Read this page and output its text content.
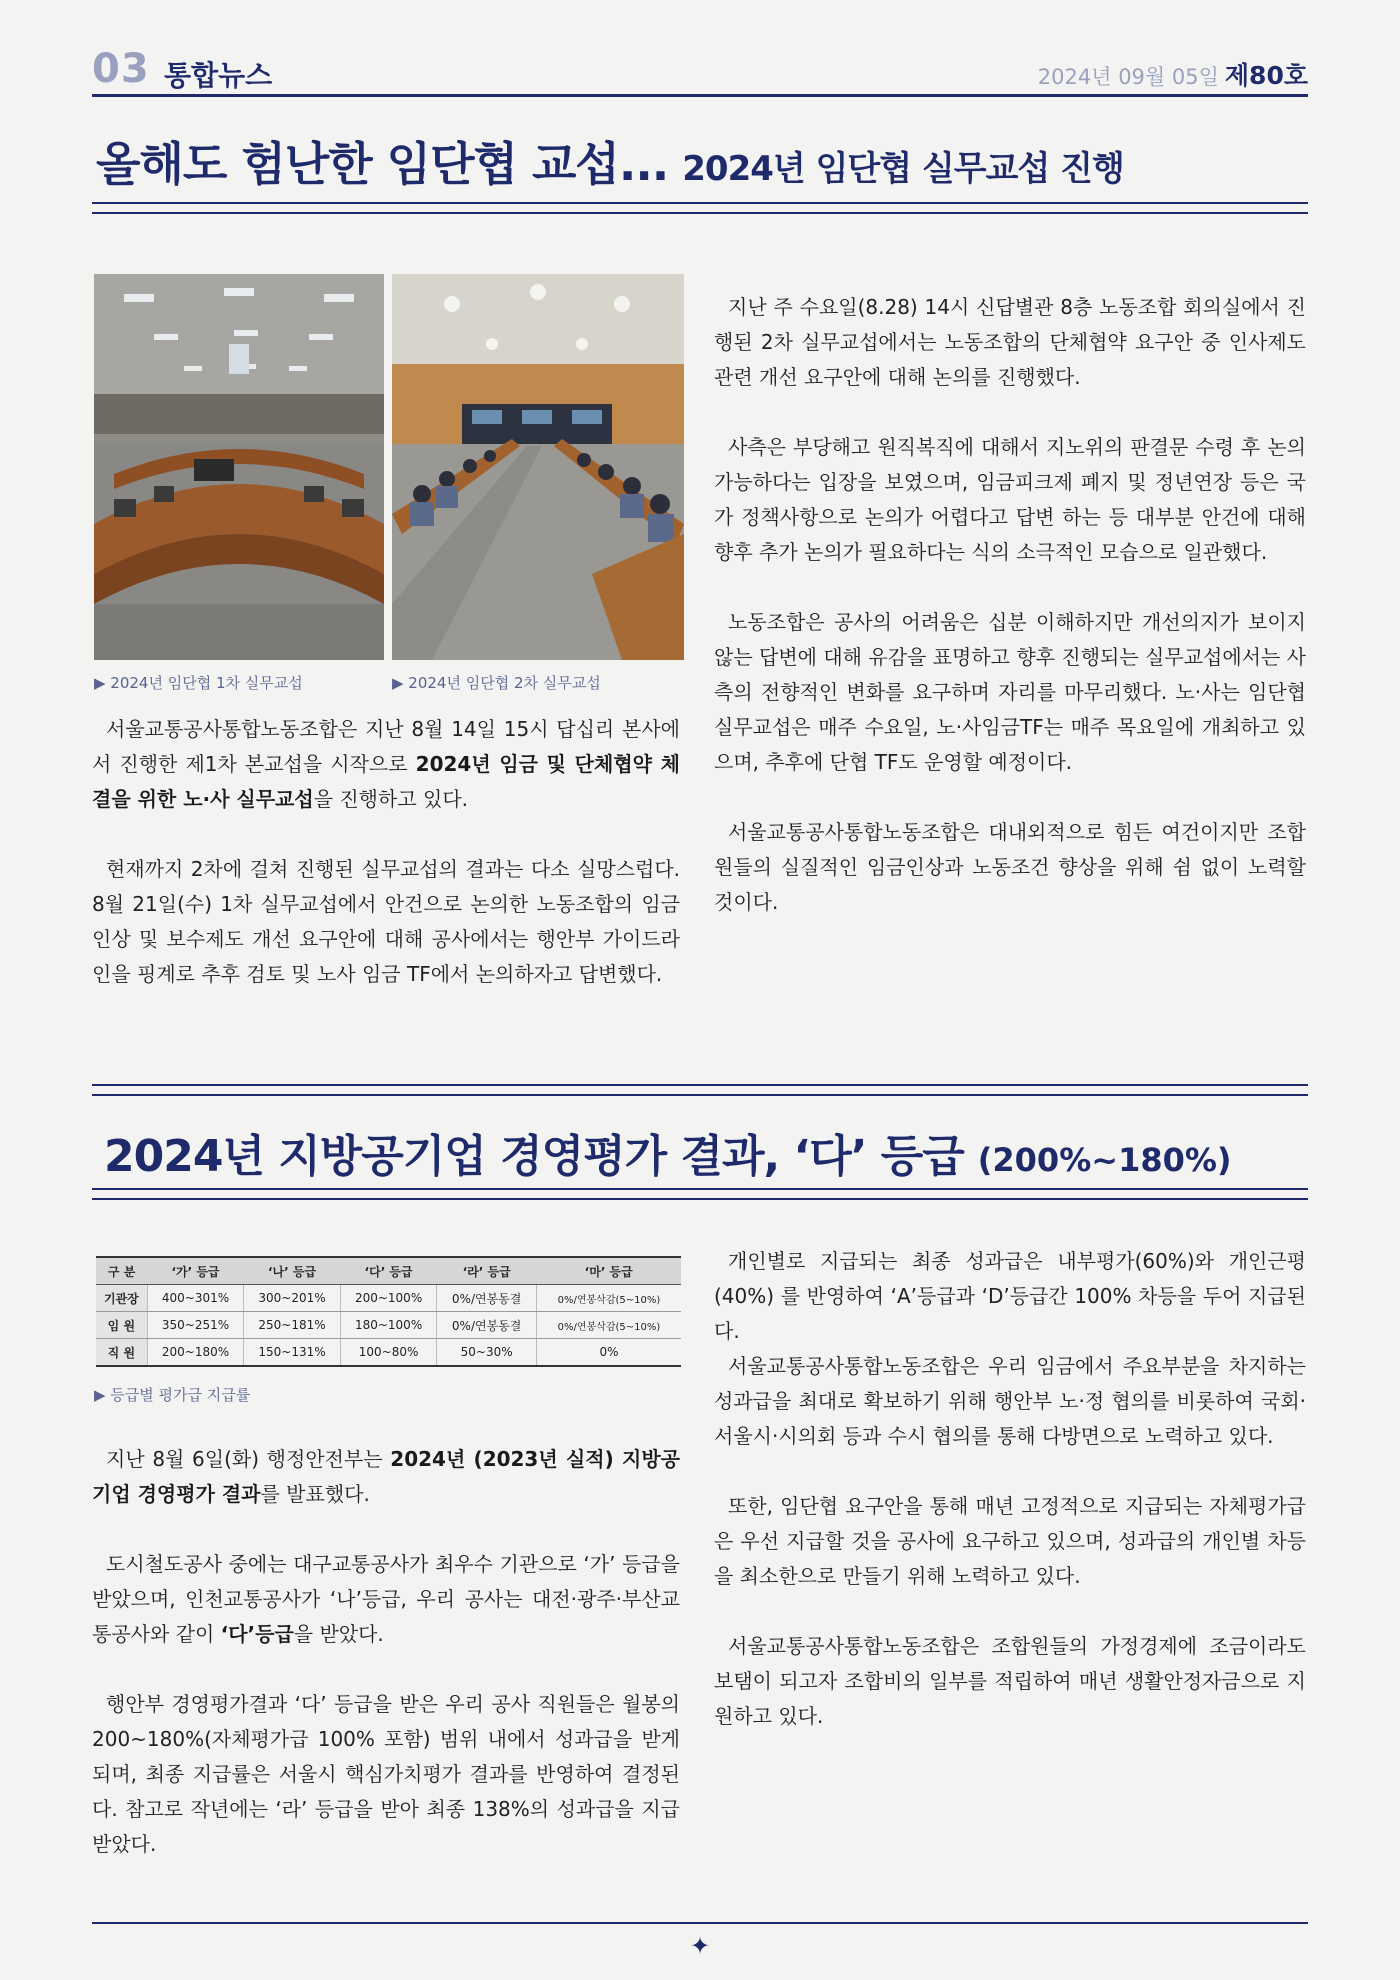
03 통합뉴스	2024년 09월 05일 제80호
올해도 험난한 임단협 교섭... 2024년 임단협 실무교섭 진행
▶ 2024년 임단협 1차 실무교섭	▶ 2024년 임단협 2차 실무교섭

서울교통공사통합노동조합은 지난 8월 14일 15시 답십리 본사에서 진행한 제1차 본교섭을 시작으로 2024년 임금 및 단체협약 체결을 위한 노·사 실무교섭을 진행하고 있다.

현재까지 2차에 걸쳐 진행된 실무교섭의 결과는 다소 실망스럽다. 8월 21일(수) 1차 실무교섭에서 안건으로 논의한 노동조합의 임금인상 및 보수제도 개선 요구안에 대해 공사에서는 행안부 가이드라인을 핑계로 추후 검토 및 노사 임금 TF에서 논의하자고 답변했다.

지난 주 수요일(8.28) 14시 신답별관 8층 노동조합 회의실에서 진행된 2차 실무교섭에서는 노동조합의 단체협약 요구안 중 인사제도 관련 개선 요구안에 대해 논의를 진행했다.

사측은 부당해고 원직복직에 대해서 지노위의 판결문 수령 후 논의 가능하다는 입장을 보였으며, 임금피크제 폐지 및 정년연장 등은 국가 정책사항으로 논의가 어렵다고 답변 하는 등 대부분 안건에 대해 향후 추가 논의가 필요하다는 식의 소극적인 모습으로 일관했다.

노동조합은 공사의 어려움은 십분 이해하지만 개선의지가 보이지 않는 답변에 대해 유감을 표명하고 향후 진행되는 실무교섭에서는 사측의 전향적인 변화를 요구하며 자리를 마무리했다. 노·사는 임단협 실무교섭은 매주 수요일, 노·사임금TF는 매주 목요일에 개최하고 있으며, 추후에 단협 TF도 운영할 예정이다.

서울교통공사통합노동조합은 대내외적으로 힘든 여건이지만 조합원들의 실질적인 임금인상과 노동조건 향상을 위해 쉼 없이 노력할 것이다.

2024년 지방공기업 경영평가 결과, ‘다’ 등급 (200%~180%)
구 분	‘가’ 등급	‘나’ 등급	‘다’ 등급	‘라’ 등급	‘마’ 등급
기관장	400~301%	300~201%	200~100%	0%/연봉동결	0%/연봉삭감(5~10%)
임 원	350~251%	250~181%	180~100%	0%/연봉동결	0%/연봉삭감(5~10%)
직 원	200~180%	150~131%	100~80%	50~30%	0%
▶ 등급별 평가급 지급률

지난 8월 6일(화) 행정안전부는 2024년 (2023년 실적) 지방공기업 경영평가 결과를 발표했다.

도시철도공사 중에는 대구교통공사가 최우수 기관으로 ‘가’ 등급을받았으며, 인천교통공사가 ‘나’등급, 우리 공사는 대전·광주·부산교통공사와 같이 ‘다’등급을 받았다.

행안부 경영평가결과 ‘다’ 등급을 받은 우리 공사 직원들은 월봉의 200~180%(자체평가급 100% 포함) 범위 내에서 성과급을 받게 되며, 최종 지급률은 서울시 핵심가치평가 결과를 반영하여 결정된다. 참고로 작년에는 ‘라’ 등급을 받아 최종 138%의 성과급을 지급받았다.

개인별로 지급되는 최종 성과급은 내부평가(60%)와 개인근평(40%) 를 반영하여 ‘A’등급과 ‘D’등급간 100% 차등을 두어 지급된다.

서울교통공사통합노동조합은 우리 임금에서 주요부분을 차지하는 성과급을 최대로 확보하기 위해 행안부 노·정 협의를 비롯하여 국회·서울시·시의회 등과 수시 협의를 통해 다방면으로 노력하고 있다.

또한, 임단협 요구안을 통해 매년 고정적으로 지급되는 자체평가급은 우선 지급할 것을 공사에 요구하고 있으며, 성과급의 개인별 차등을 최소한으로 만들기 위해 노력하고 있다.

서울교통공사통합노동조합은 조합원들의 가정경제에 조금이라도 보탬이 되고자 조합비의 일부를 적립하여 매년 생활안정자금으로 지원하고 있다.

✦
